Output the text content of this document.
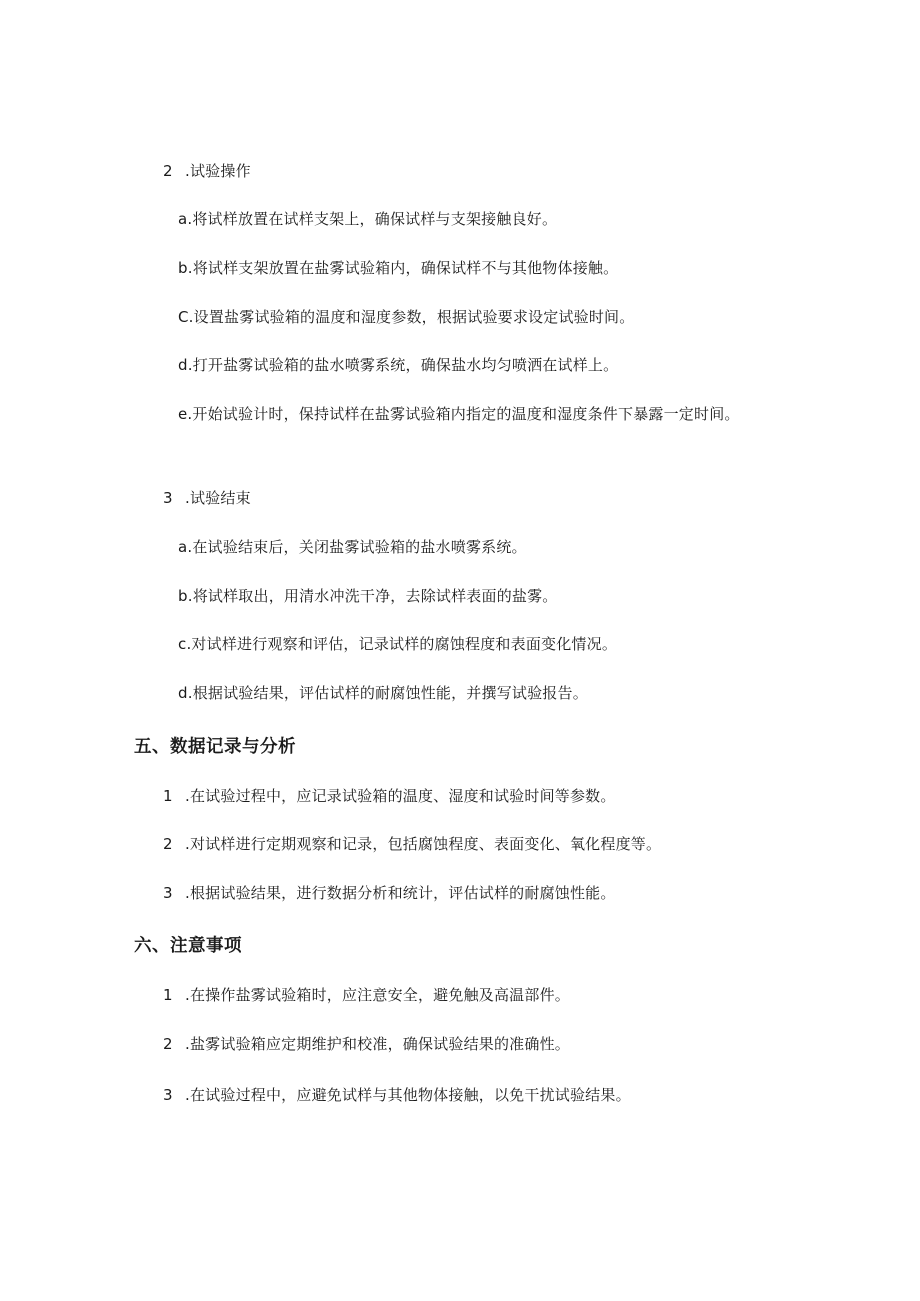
2 .试验操作
a.将试样放置在试样支架上，确保试样与支架接触良好。
b.将试样支架放置在盐雾试验箱内，确保试样不与其他物体接触。
C.设置盐雾试验箱的温度和湿度参数，根据试验要求设定试验时间。
d.打开盐雾试验箱的盐水喷雾系统，确保盐水均匀喷洒在试样上。
e.开始试验计时，保持试样在盐雾试验箱内指定的温度和湿度条件下暴露一定时间。
3 .试验结束
a.在试验结束后，关闭盐雾试验箱的盐水喷雾系统。
b.将试样取出，用清水冲洗干净，去除试样表面的盐雾。
c.对试样进行观察和评估，记录试样的腐蚀程度和表面变化情况。
d.根据试验结果，评估试样的耐腐蚀性能，并撰写试验报告。
五、数据记录与分析
1 .在试验过程中，应记录试验箱的温度、湿度和试验时间等参数。
2 .对试样进行定期观察和记录，包括腐蚀程度、表面变化、氧化程度等。
3 .根据试验结果，进行数据分析和统计，评估试样的耐腐蚀性能。
六、注意事项
1 .在操作盐雾试验箱时，应注意安全，避免触及高温部件。
2 .盐雾试验箱应定期维护和校准，确保试验结果的准确性。
3 .在试验过程中，应避免试样与其他物体接触，以免干扰试验结果。
